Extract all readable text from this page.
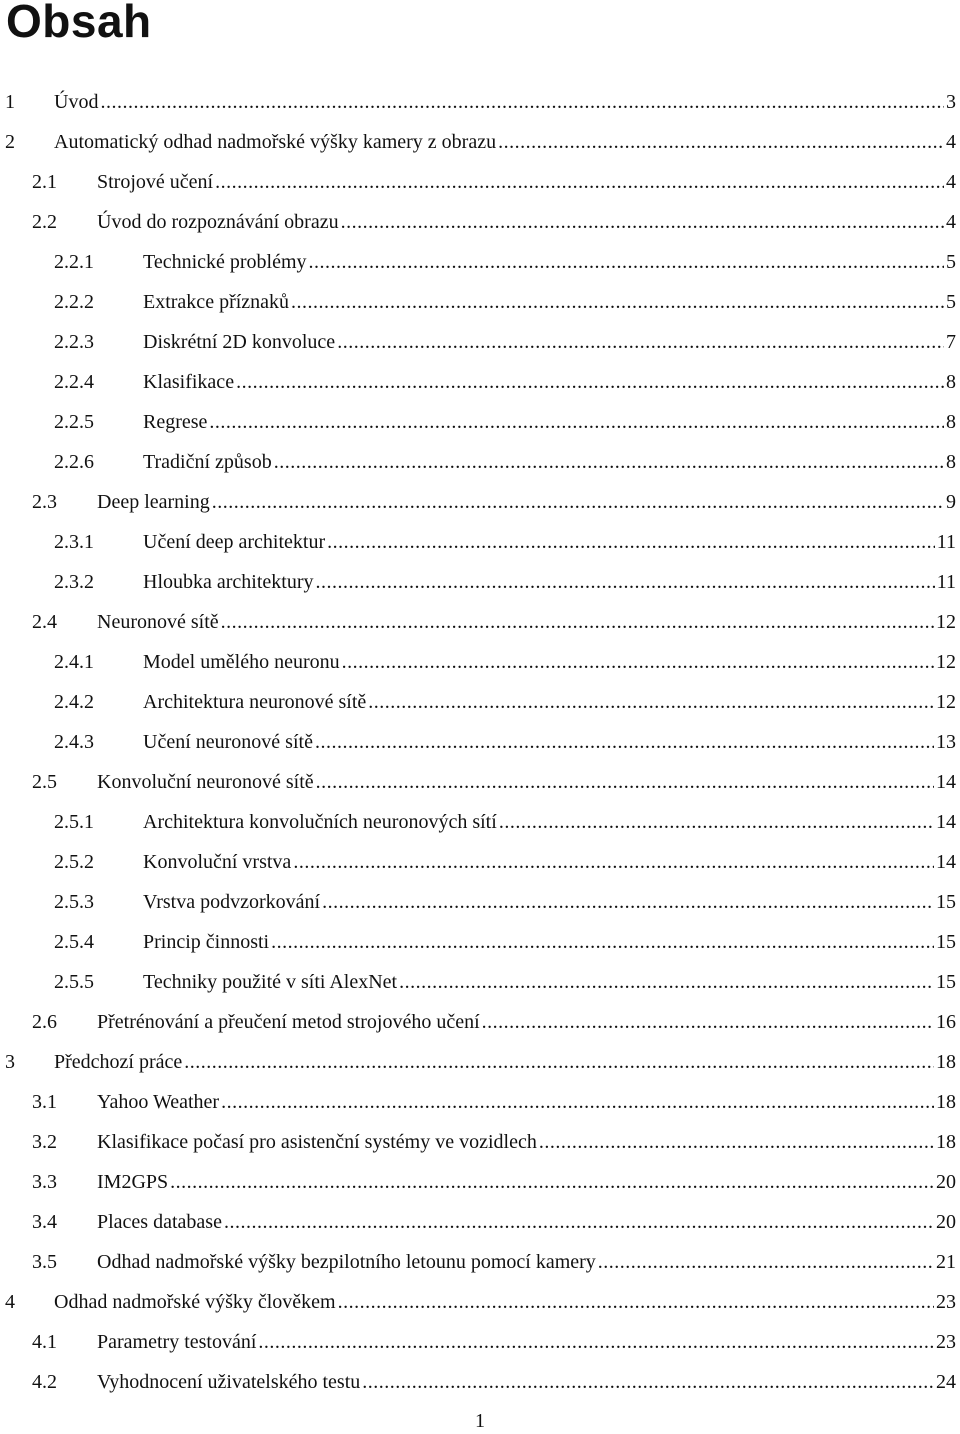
Obsah
1 Úvod .....	3
2 Automatický odhad nadmořské výšky kamery z obrazu .....	4
2.1 Strojové učení .....	4
2.2 Úvod do rozpoznávání obrazu .....	4
2.2.1 Technické problémy .....	5
2.2.2 Extrakce příznaků .....	5
2.2.3 Diskrétní 2D konvoluce .....	7
2.2.4 Klasifikace .....	8
2.2.5 Regrese .....	8
2.2.6 Tradiční způsob .....	8
2.3 Deep learning .....	9
2.3.1 Učení deep architektur .....	11
2.3.2 Hloubka architektury .....	11
2.4 Neuronové sítě .....	12
2.4.1 Model umělého neuronu .....	12
2.4.2 Architektura neuronové sítě .....	12
2.4.3 Učení neuronové sítě .....	13
2.5 Konvoluční neuronové sítě .....	14
2.5.1 Architektura konvolučních neuronových sítí .....	14
2.5.2 Konvoluční vrstva .....	14
2.5.3 Vrstva podvzorkování .....	15
2.5.4 Princip činnosti .....	15
2.5.5 Techniky použité v síti AlexNet .....	15
2.6 Přetrénování a přeučení metod strojového učení .....	16
3 Předchozí práce .....	18
3.1 Yahoo Weather .....	18
3.2 Klasifikace počasí pro asistenční systémy ve vozidlech .....	18
3.3 IM2GPS .....	20
3.4 Places database .....	20
3.5 Odhad nadmořské výšky bezpilotního letounu pomocí kamery .....	21
4 Odhad nadmořské výšky člověkem .....	23
4.1 Parametry testování .....	23
4.2 Vyhodnocení uživatelského testu .....	24
1
